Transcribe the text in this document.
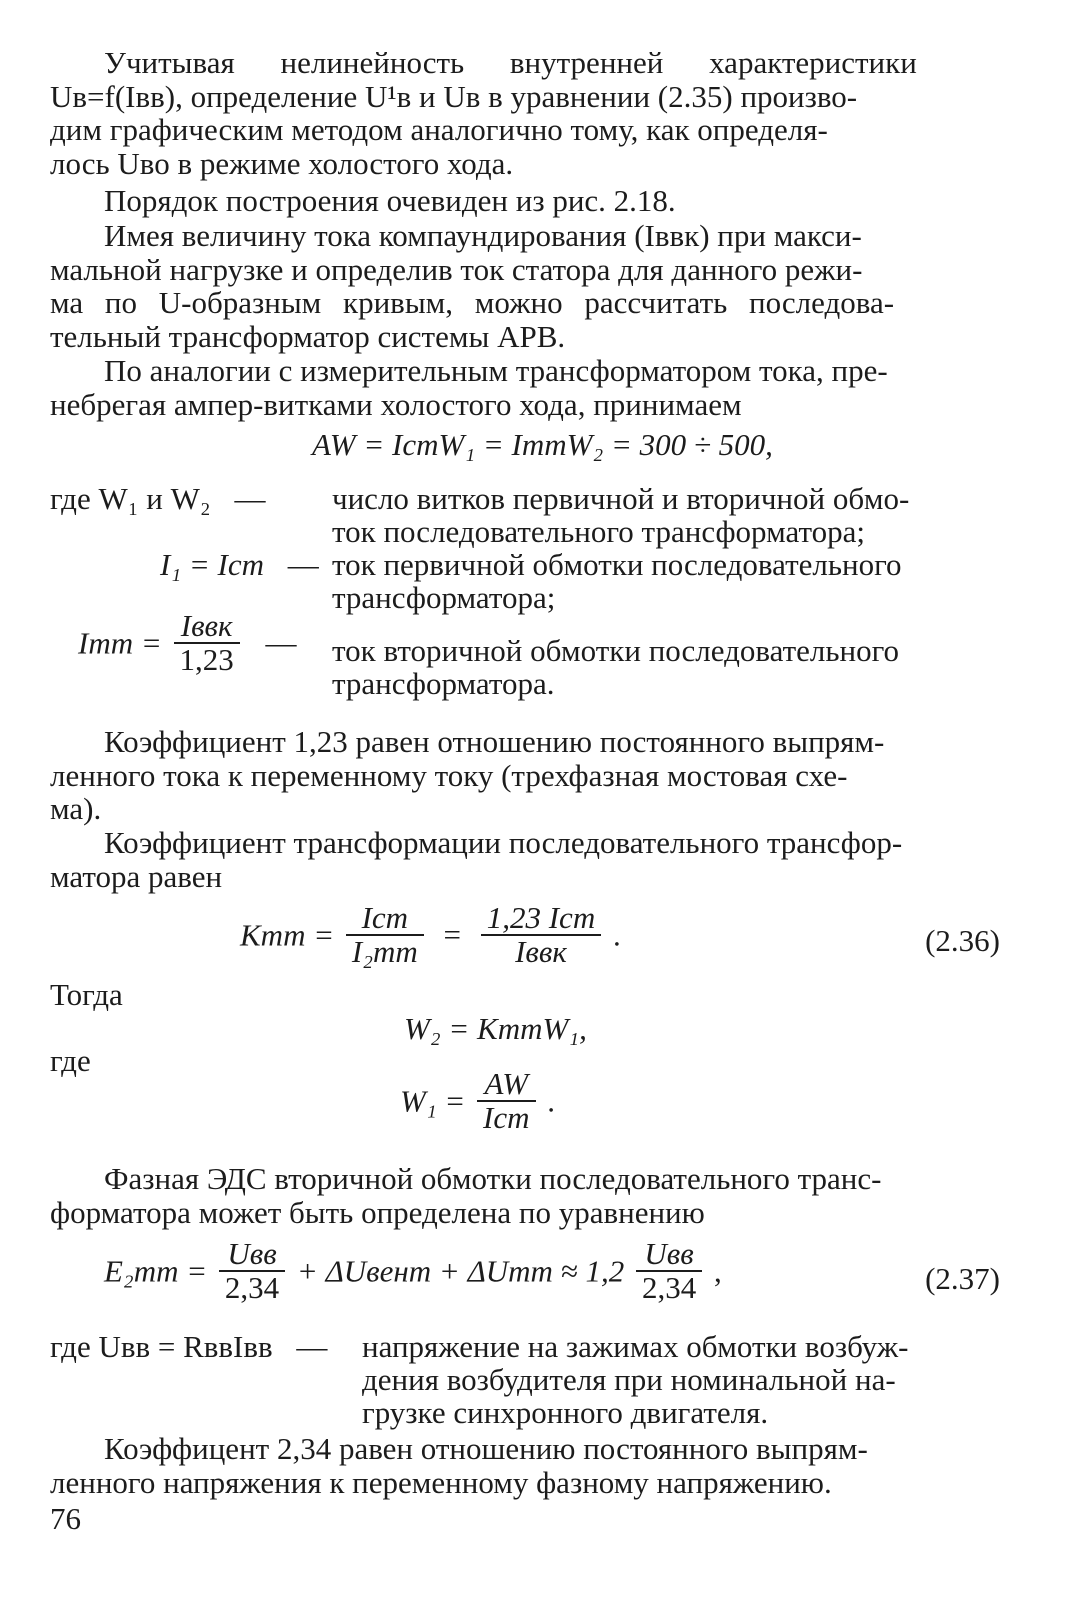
Учитывая нелинейность внутренней характеристики
Uв=f(Iвв), определение U¹в и Uв в уравнении (2.35) произво-
дим графическим методом аналогично тому, как определя-
лось Uво в режиме холостого хода.
Порядок построения очевиден из рис. 2.18.
Имея величину тока компаундирования (Iввк) при макси-
мальной нагрузке и определив ток статора для данного режи-
ма по U-образным кривым, можно рассчитать последова-
тельный трансформатор системы АРВ.
По аналогии с измерительным трансформатором тока, пре-
небрегая ампер-витками холостого хода, принимаем
AW = IстW₁ = IттW₂ = 300 ÷ 500,
где W₁ и W₂ — число витков первичной и вторичной обмо-
ток последовательного трансформатора;
I₁ = Iст — ток первичной обмотки последовательного
трансформатора;
Iтт = $\frac{\text{Iввк}}{1,23}$ — ток вторичной обмотки последовательного
трансформатора.
Коэффициент 1,23 равен отношению постоянного выпрям-
ленного тока к переменному току (трехфазная мостовая схе-
ма).
Коэффициент трансформации последовательного трансфор-
матора равен
Kтт = $\frac{\text{Iст}}{\text{I₂тт}} = \frac{\text{1,23 Iст}}{\text{Iввк}}$ .	(2.36)
Тогда
W₂ = KттW₁,
где
$W_1 = \frac{AW}{\text{Iст}}$ .
Фазная ЭДС вторичной обмотки последовательного транс-
форматора может быть определена по уравнению
$E_2тт = \frac{\text{Uвв}}{2,34}$ + ΔUвент + $\Delta Uтт \approx 1,2 \frac{\text{Uвв}}{2,34}$ ,	(2.37)
где Uвв = RввIвв — напряжение на зажимах обмотки возбуж-
дения возбудителя при номинальной на-
грузке синхронного двигателя.
Коэффицент 2,34 равен отношению постоянного выпрям-
ленного напряжения к переменному фазному напряжению.
76
